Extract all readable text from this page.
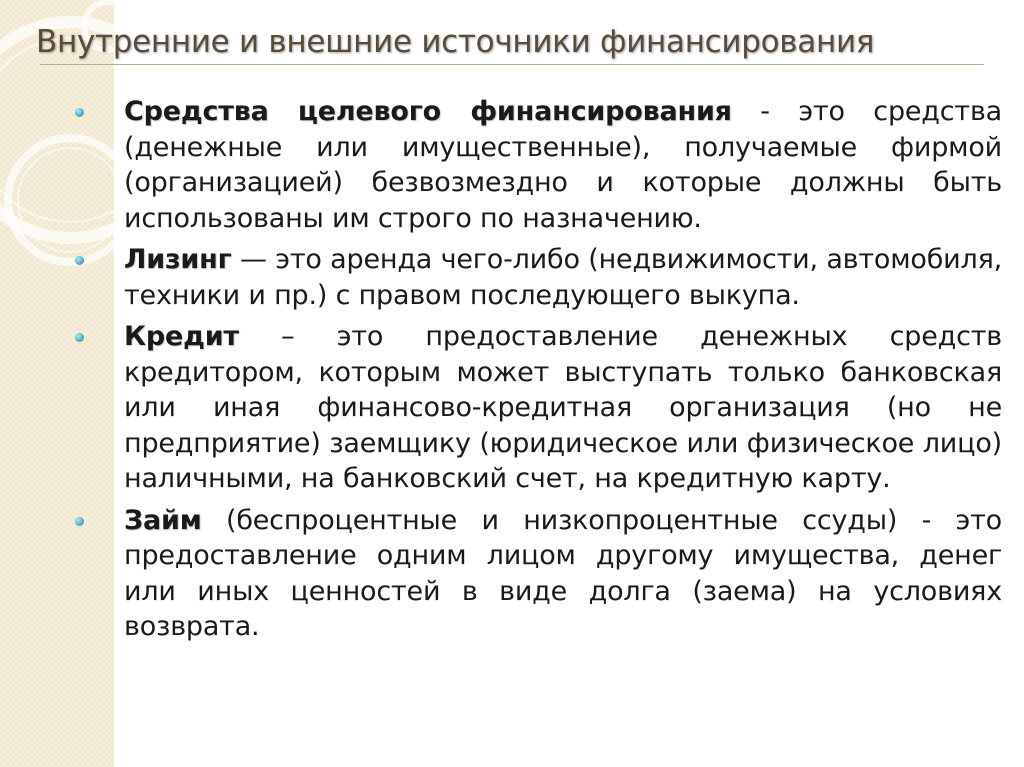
Внутренние и внешние источники финансирования
Средства целевого финансирования - это средства (денежные или имущественные), получаемые фирмой (организацией) безвозмездно и которые должны быть использованы им строго по назначению.
Лизинг — это аренда чего-либо (недвижимости, автомобиля, техники и пр.) с правом последующего выкупа.
Кредит – это предоставление денежных средств кредитором, которым может выступать только банковская или иная финансово-кредитная организация (но не предприятие) заемщику (юридическое или физическое лицо) наличными, на банковский счет, на кредитную карту.
Займ (беспроцентные и низкопроцентные ссуды) - это предоставление одним лицом другому имущества, денег или иных ценностей в виде долга (заема) на условиях возврата.
